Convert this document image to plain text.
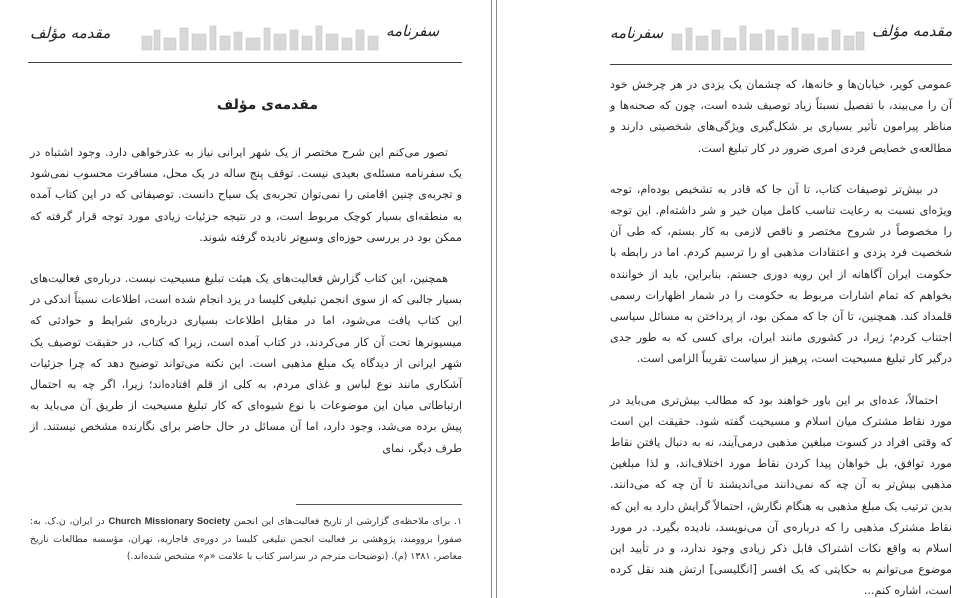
مقدمه مؤلف	سفرنامه
مقدمه‌ی مؤلف

تصور می‌کنم این شرح مختصر از یک شهر ایرانی نیاز به عذرخواهی دارد. وجود اشتباه در یک سفرنامه مسئله‌ی بعیدی نیست. توقف پنج ساله در یک محل، مسافرت محسوب نمی‌شود و تجربه‌ی چنین اقامتی را نمی‌توان تجربه‌ی یک سیاح دانست. توصیفاتی که در این کتاب آمده به منطقه‌ای بسیار کوچک مربوط است، و در نتیجه جزئیات زیادی مورد توجه قرار گرفته که ممکن بود در بررسی حوزه‌ای وسیع‌تر نادیده گرفته شوند.

همچنین، این کتاب گزارش فعالیت‌های یک هیئت تبلیغ مسیحیت نیست. درباره‌ی فعالیت‌های بسیار جالبی که از سوی انجمن تبلیغی کلیسا در یزد انجام شده است، اطلاعات نسبتاً اندکی در این کتاب یافت می‌شود، اما در مقابل اطلاعات بسیاری درباره‌ی شرایط و حوادثی که میسیونرها تحت آن کار می‌کردند، در کتاب آمده است، زیرا که کتاب، در حقیقت توصیف یک شهر ایرانی از دیدگاه یک مبلغ مذهبی است. این نکته می‌تواند توضیح دهد که چرا جزئیات آشکاری مانند نوع لباس و غذای مردم، به کلی از قلم افتاده‌اند؛ زیرا، اگر چه به احتمال ارتباطاتی میان این موضوعات با نوع شیوه‌ای که کار تبلیغ مسیحیت از طریق آن می‌باید به پیش برده می‌شد، وجود دارد، اما آن مسائل در حال حاضر برای نگارنده مشخص نیستند. از طرف دیگر، نمای

۱. برای ملاحظه‌ی گزارشی از تاریخ فعالیت‌های این انجمن Church Missionary Society در ایران، ن.ک. به: صفورا بروومند، پژوهشی بر فعالیت انجمن تبلیغی کلیسا در دوره‌ی قاجاریه، تهران، مؤسسه مطالعات تاریخ معاصر، ۱۳۸۱ (م). (توضیحات مترجم در سراسر کتاب با علامت «م» مشخص شده‌اند.)
سفرنامه	مقدمه مؤلف

عمومی کویر، خیابان‌ها و خانه‌ها، که چشمان یک یزدی در هر چرخش خود آن را می‌بیند، با تفصیل نسبتاً زیاد توصیف شده است، چون که صحنه‌ها و مناظر پیرامون تأثیر بسیاری بر شکل‌گیری ویژگی‌های شخصیتی دارند و مطالعه‌ی خصایص فردی امری ضرور در کار تبلیغ است.

در بیش‌تر توصیفات کتاب، تا آن جا که قادر به تشخیص بوده‌ام، توجه ویژه‌ای نسبت به رعایت تناسب کامل میان خیر و شر داشته‌ام. این توجه را مخصوصاً در شروح مختصر و ناقص لازمی به کار بستم، که طی آن شخصیت فرد یزدی و اعتقادات مذهبی او را ترسیم کردم. اما در رابطه با حکومت ایران آگاهانه از این رویه دوری جستم. بنابراین، باید از خواننده بخواهم که تمام اشارات مربوط به حکومت را در شمار اظهارات رسمی قلمداد کند. همچنین، تا آن جا که ممکن بود، از پرداختن به مسائل سیاسی اجتناب کردم؛ زیرا، در کشوری مانند ایران، برای کسی که به طور جدی درگیر کار تبلیغ مسیحیت است، پرهیز از سیاست تقریباً الزامی است.

احتمالاً، عده‌ای بر این باور خواهند بود که مطالب بیش‌تری می‌باید در مورد نقاط مشترک میان اسلام و مسیحیت گفته شود. حقیقت این است که وقتی افراد در کسوت مبلغین مذهبی درمی‌آیند، نه به دنبال یافتن نقاط مورد توافق، بل خواهان پیدا کردن نقاط مورد اختلاف‌اند، و لذا مبلغین مذهبی بیش‌تر به آن چه که نمی‌دانند می‌اندیشند تا آن چه که می‌دانند. بدین ترتیب یک مبلغ مذهبی به هنگام نگارش، احتمالاً گرایش دارد به این که نقاط مشترک مذهبی را که درباره‌ی آن می‌نویسد، نادیده بگیرد. در مورد اسلام به واقع نکات اشتراک قابل ذکر زیادی وجود ندارد، و در تأیید این موضوع می‌توانم به حکایتی که یک افسر [انگلیسی] ارتش هند نقل کرده است، اشاره کنم...
